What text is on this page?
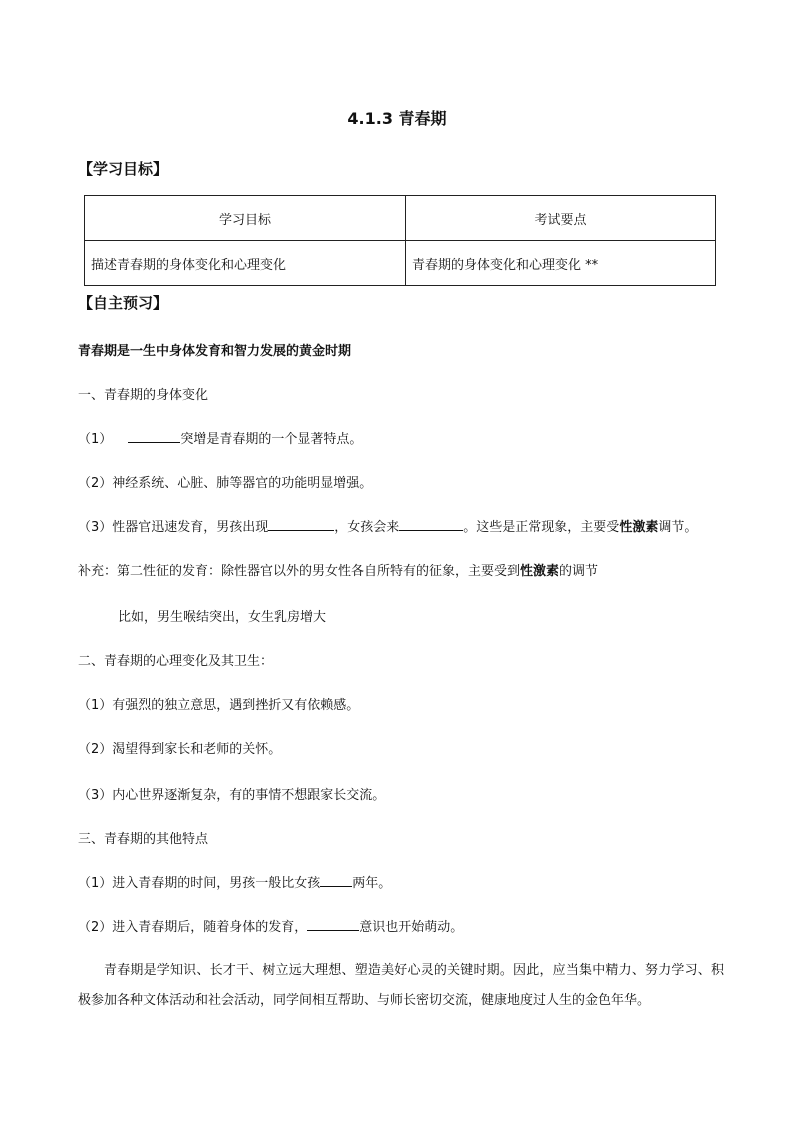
4.1.3 青春期
【学习目标】
学习目标	考试要点
描述青春期的身体变化和心理变化	青春期的身体变化和心理变化 **
【自主预习】
青春期是一生中身体发育和智力发展的黄金时期
一、青春期的身体变化
（1）	突增是青春期的一个显著特点。
（2）神经系统、心脏、肺等器官的功能明显增强。
（3）性器官迅速发育，男孩出现	，女孩会来	。这些是正常现象，主要受性激素调节。
补充：第二性征的发育：除性器官以外的男女性各自所特有的征象，主要受到性激素的调节
比如，男生喉结突出，女生乳房增大
二、青春期的心理变化及其卫生：
（1）有强烈的独立意思，遇到挫折又有依赖感。
（2）渴望得到家长和老师的关怀。
（3）内心世界逐渐复杂，有的事情不想跟家长交流。
三、青春期的其他特点
（1）进入青春期的时间，男孩一般比女孩 两年。
（2）进入青春期后，随着身体的发育，	意识也开始萌动。
青春期是学知识、长才干、树立远大理想、塑造美好心灵的关键时期。因此，应当集中精力、努力学习、积极参加各种文体活动和社会活动，同学间相互帮助、与师长密切交流，健康地度过人生的金色年华。
